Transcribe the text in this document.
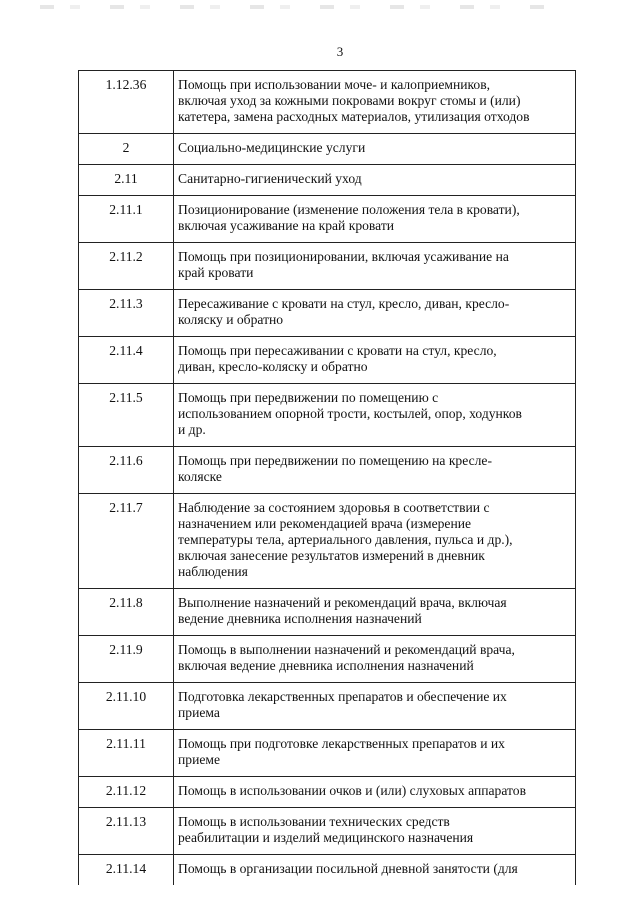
3
1.12.36	Помощь при использовании моче- и калоприемников,
включая уход за кожными покровами вокруг стомы и (или)
катетера, замена расходных материалов, утилизация отходов
2	Социально-медицинские услуги
2.11	Санитарно-гигиенический уход
2.11.1	Позиционирование (изменение положения тела в кровати),
включая усаживание на край кровати
2.11.2	Помощь при позиционировании, включая усаживание на
край кровати
2.11.3	Пересаживание с кровати на стул, кресло, диван, кресло-
коляску и обратно
2.11.4	Помощь при пересаживании с кровати на стул, кресло,
диван, кресло-коляску и обратно
2.11.5	Помощь при передвижении по помещению с
использованием опорной трости, костылей, опор, ходунков
и др.
2.11.6	Помощь при передвижении по помещению на кресле-
коляске
2.11.7	Наблюдение за состоянием здоровья в соответствии с
назначением или рекомендацией врача (измерение
температуры тела, артериального давления, пульса и др.),
включая занесение результатов измерений в дневник
наблюдения
2.11.8	Выполнение назначений и рекомендаций врача, включая
ведение дневника исполнения назначений
2.11.9	Помощь в выполнении назначений и рекомендаций врача,
включая ведение дневника исполнения назначений
2.11.10	Подготовка лекарственных препаратов и обеспечение их
приема
2.11.11	Помощь при подготовке лекарственных препаратов и их
приеме
2.11.12	Помощь в использовании очков и (или) слуховых аппаратов
2.11.13	Помощь в использовании технических средств
реабилитации и изделий медицинского назначения
2.11.14	Помощь в организации посильной дневной занятости (для
